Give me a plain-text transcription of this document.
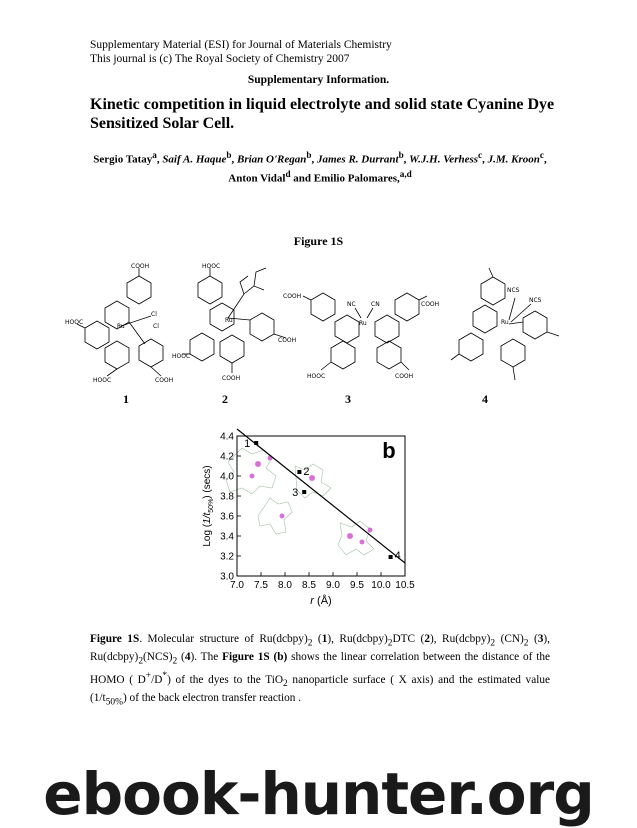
Supplementary Material (ESI) for Journal of Materials Chemistry
This journal is (c) The Royal Society of Chemistry 2007
Supplementary Information.
Kinetic competition in liquid electrolyte and solid state Cyanine Dye Sensitized Solar Cell.
Sergio Tatay$^a$, Saif A. Haque$^b$, Brian O'Regan$^b$, James R. Durrant$^b$, W.J.H. Verhess$^c$, J.M. Kroon$^c$, Anton Vidal$^d$ and Emilio Palomares,$^{a,d}$
Figure 1S
COOH
HOOC
HOOC	COOH
Ru
Cl
Cl
1
HOOC
COOH
COOH
HOOC
Ru
2
COOH
COOH
HOOC	COOH
NC	CN
Ru
3
NCS
NCS
Ru
4
7.0 7.5 8.0 8.5 9.0 9.5 10.0 10.5
3.0
3.2
3.4
3.6
3.8
4.0
4.2
4.4
1
2
3
4
b
r (Å)
Log $(1/t_{50\%})$ (secs)
Figure 1S. Molecular structure of $Ru(dcbpy)_2$ (1), $Ru(dcbpy)_2DTC$ (2), $Ru(dcbpy)_2$ $(CN)_2$ (3), $Ru(dcbpy)_2(NCS)_2$ (4). The Figure 1S (b) shows the linear correlation between the distance of the HOMO ( D+/D*) of the dyes to the TiO$_2$ nanoparticle surface ( X axis) and the estimated value $(1/t_{50\%})$ of the back electron transfer reaction .
ebook-hunter.org
